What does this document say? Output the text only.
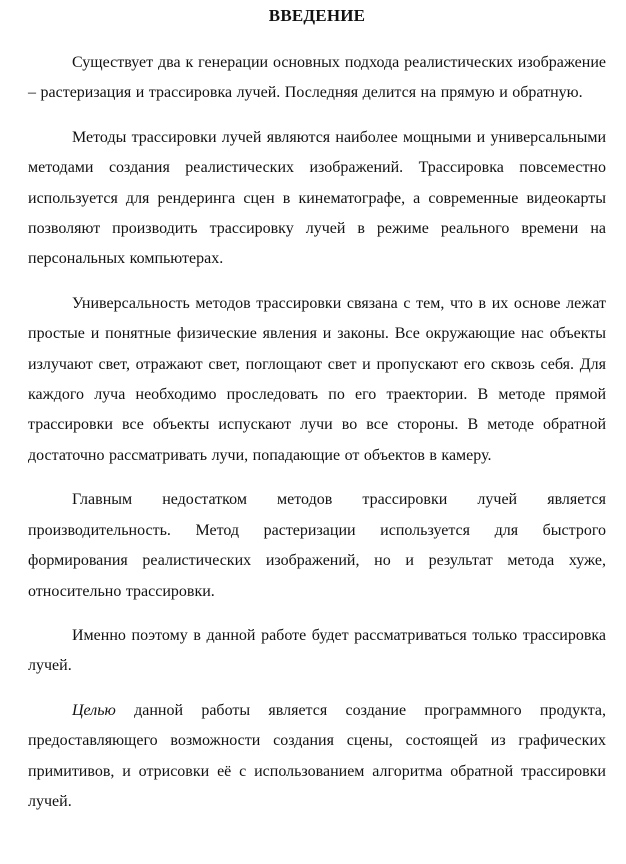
ВВЕДЕНИЕ

Существует два к генерации основных подхода реалистических изображение – растеризация и трассировка лучей. Последняя делится на прямую и обратную.

Методы трассировки лучей являются наиболее мощными и универсальными методами создания реалистических изображений. Трассировка повсеместно используется для рендеринга сцен в кинематографе, а современные видеокарты позволяют производить трассировку лучей в режиме реального времени на персональных компьютерах.

Универсальность методов трассировки связана с тем, что в их основе лежат простые и понятные физические явления и законы. Все окружающие нас объекты излучают свет, отражают свет, поглощают свет и пропускают его сквозь себя. Для каждого луча необходимо проследовать по его траектории. В методе прямой трассировки все объекты испускают лучи во все стороны. В методе обратной достаточно рассматривать лучи, попадающие от объектов в камеру.

Главным недостатком методов трассировки лучей является производительность. Метод растеризации используется для быстрого формирования реалистических изображений, но и результат метода хуже, относительно трассировки.

Именно поэтому в данной работе будет рассматриваться только трассировка лучей.

Целью данной работы является создание программного продукта, предоставляющего возможности создания сцены, состоящей из графических примитивов, и отрисовки её с использованием алгоритма обратной трассировки лучей.
